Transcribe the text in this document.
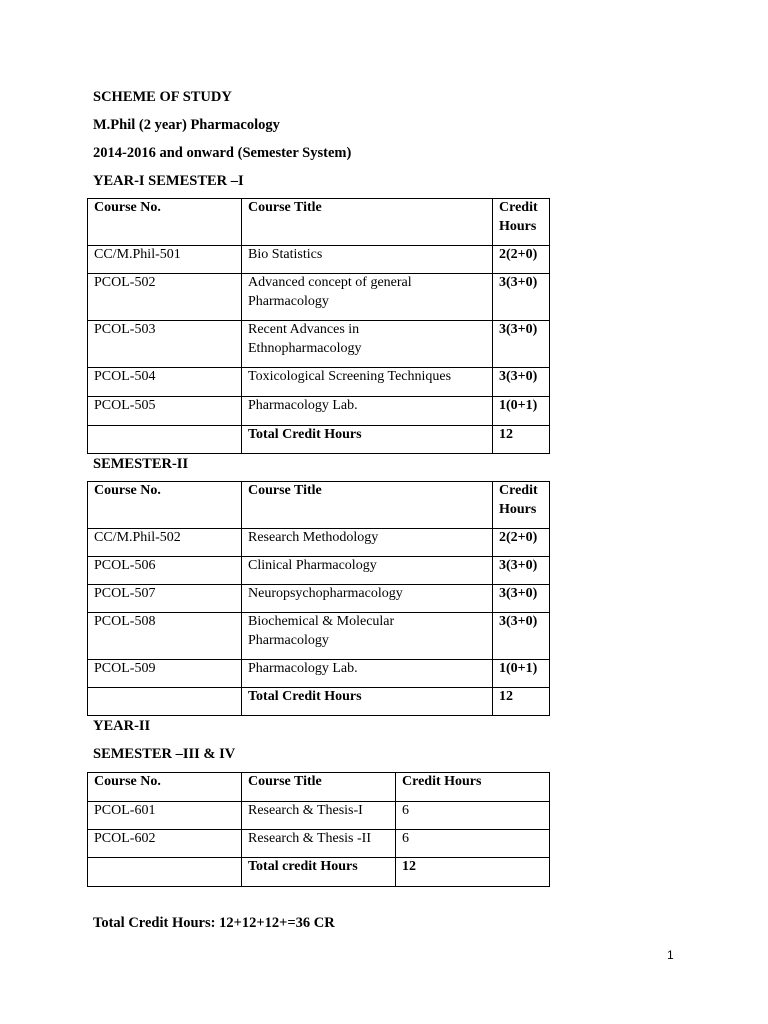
SCHEME OF STUDY
M.Phil (2 year) Pharmacology
2014-2016 and onward (Semester System)
YEAR-I SEMESTER –I
Course No.	Course Title	Credit
Hours
CC/M.Phil-501	Bio Statistics	2(2+0)
PCOL-502	Advanced concept of general
Pharmacology	3(3+0)
PCOL-503	Recent Advances in
Ethnopharmacology	3(3+0)
PCOL-504	Toxicological Screening Techniques	3(3+0)
PCOL-505	Pharmacology Lab.	1(0+1)
	Total Credit Hours	12
SEMESTER-II
Course No.	Course Title	Credit
Hours
CC/M.Phil-502	Research Methodology	2(2+0)
PCOL-506	Clinical Pharmacology	3(3+0)
PCOL-507	Neuropsychopharmacology	3(3+0)
PCOL-508	Biochemical & Molecular
Pharmacology	3(3+0)
PCOL-509	Pharmacology Lab.	1(0+1)
	Total Credit Hours	12
YEAR-II
SEMESTER –III & IV
Course No.	Course Title	Credit Hours
PCOL-601	Research & Thesis-I	6
PCOL-602	Research & Thesis -II	6
	Total credit Hours	12
Total Credit Hours: 12+12+12+=36 CR
1
